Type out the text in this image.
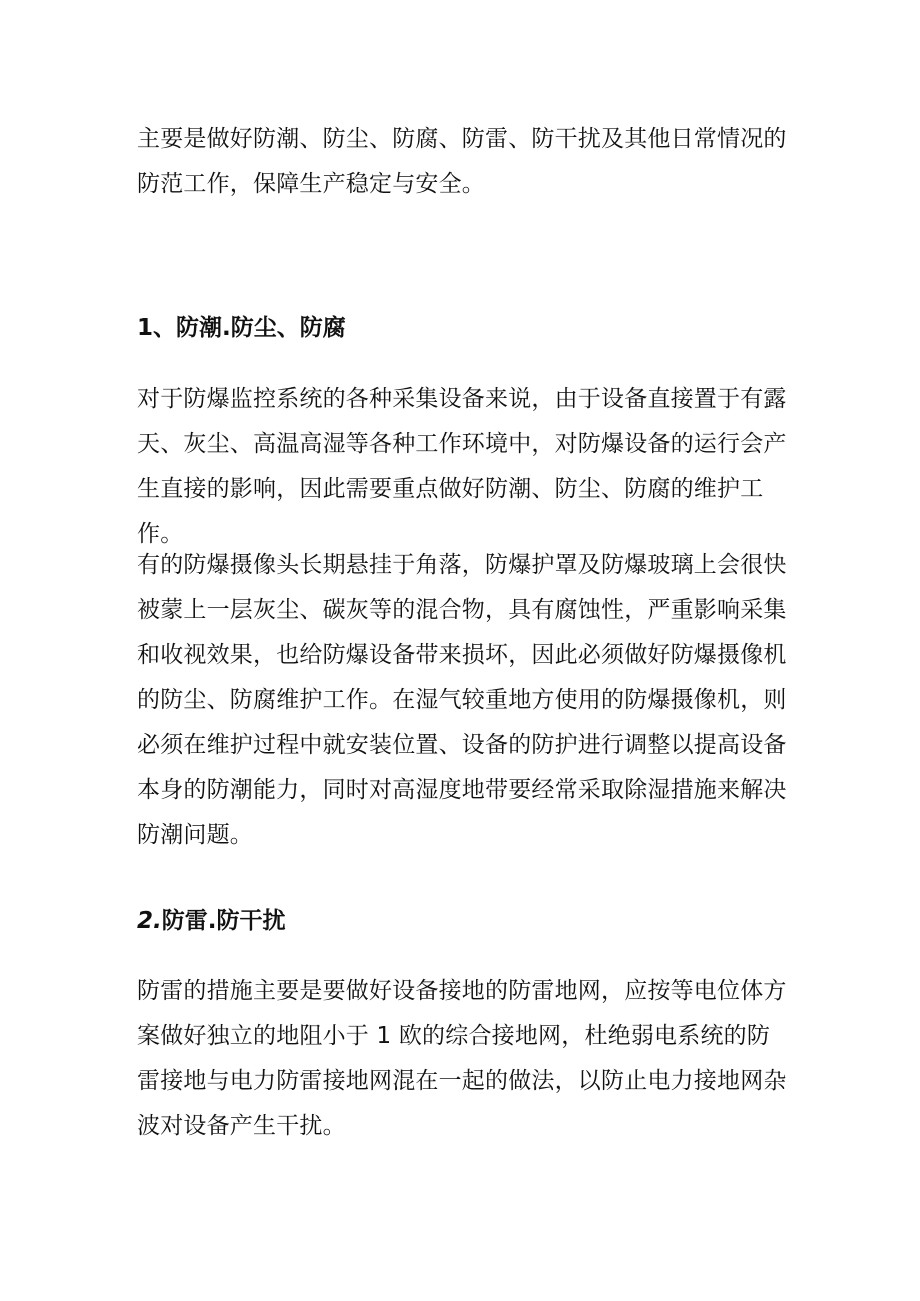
主要是做好防潮、防尘、防腐、防雷、防干扰及其他日常情况的防范工作，保障生产稳定与安全。

1、防潮.防尘、防腐

对于防爆监控系统的各种采集设备来说，由于设备直接置于有露天、灰尘、高温高湿等各种工作环境中，对防爆设备的运行会产生直接的影响，因此需要重点做好防潮、防尘、防腐的维护工作。

有的防爆摄像头长期悬挂于角落，防爆护罩及防爆玻璃上会很快被蒙上一层灰尘、碳灰等的混合物，具有腐蚀性，严重影响采集和收视效果，也给防爆设备带来损坏，因此必须做好防爆摄像机的防尘、防腐维护工作。在湿气较重地方使用的防爆摄像机，则必须在维护过程中就安装位置、设备的防护进行调整以提高设备本身的防潮能力，同时对高湿度地带要经常采取除湿措施来解决防潮问题。

2.防雷.防干扰

防雷的措施主要是要做好设备接地的防雷地网，应按等电位体方案做好独立的地阻小于 1 欧的综合接地网，杜绝弱电系统的防雷接地与电力防雷接地网混在一起的做法，以防止电力接地网杂波对设备产生干扰。
